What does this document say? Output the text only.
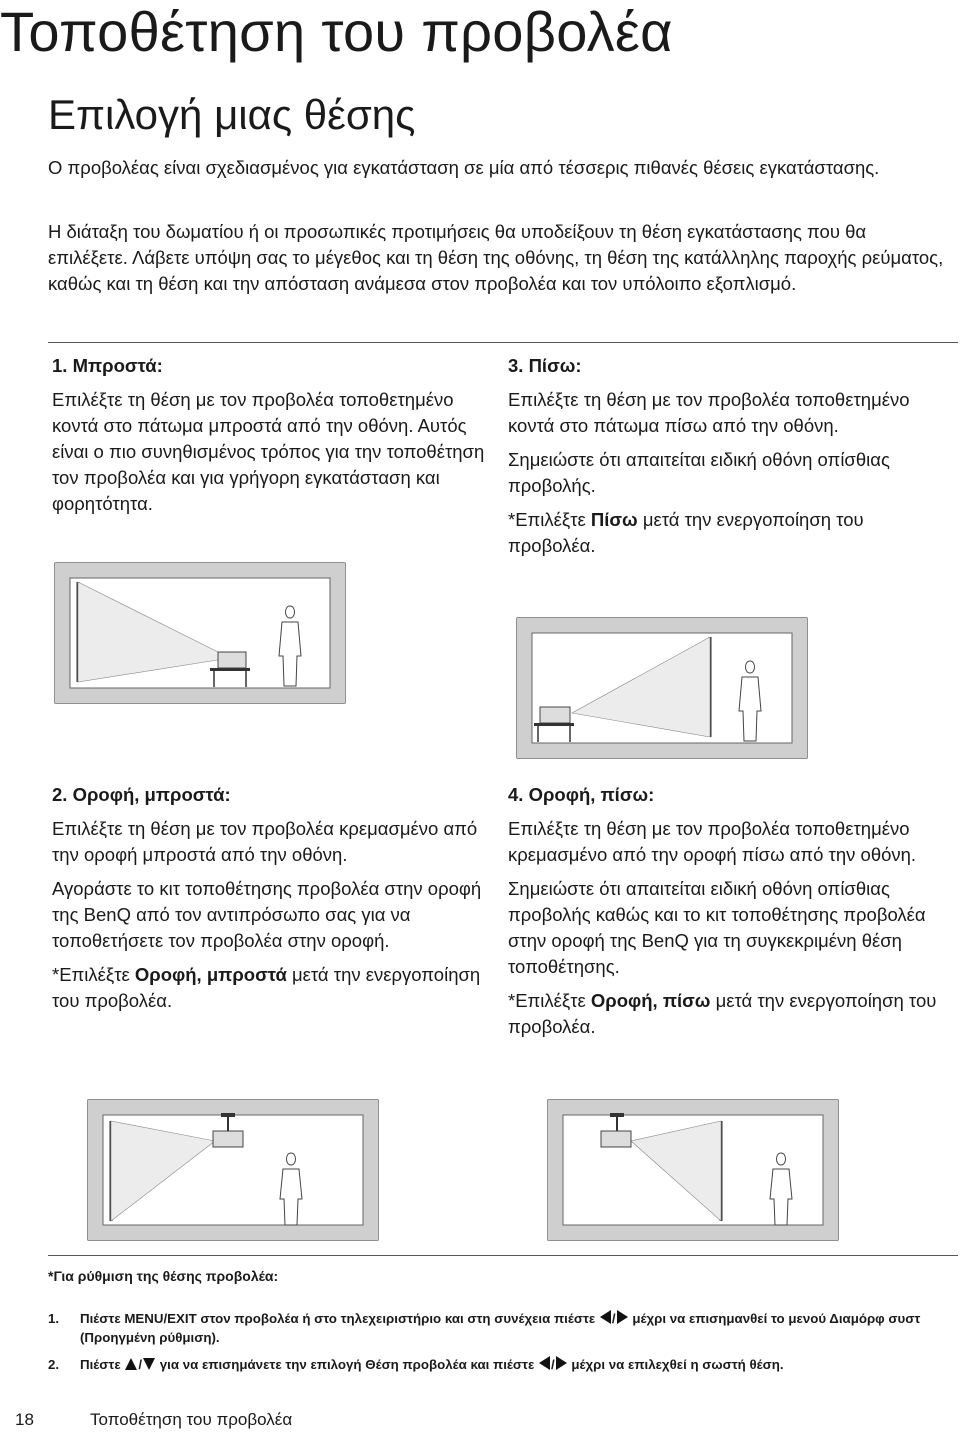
Τοποθέτηση του προβολέα
Επιλογή μιας θέσης
Ο προβολέας είναι σχεδιασμένος για εγκατάσταση σε μία από τέσσερις πιθανές θέσεις εγκατάστασης.
Η διάταξη του δωματίου ή οι προσωπικές προτιμήσεις θα υποδείξουν τη θέση εγκατάστασης που θα επιλέξετε. Λάβετε υπόψη σας το μέγεθος και τη θέση της οθόνης, τη θέση της κατάλληλης παροχής ρεύματος, καθώς και τη θέση και την απόσταση ανάμεσα στον προβολέα και τον υπόλοιπο εξοπλισμό.
1. Μπροστά:

Επιλέξτε τη θέση με τον προβολέα τοποθετημένο κοντά στο πάτωμα μπροστά από την οθόνη. Αυτός είναι ο πιο συνηθισμένος τρόπος για την τοποθέτηση τον προβολέα και για γρήγορη εγκατάσταση και φορητότητα.

3. Πίσω:

Επιλέξτε τη θέση με τον προβολέα τοποθετημένο κοντά στο πάτωμα πίσω από την οθόνη.

Σημειώστε ότι απαιτείται ειδική οθόνη οπίσθιας προβολής.

*Επιλέξτε Πίσω μετά την ενεργοποίηση του προβολέα.

2. Οροφή, μπροστά:

Επιλέξτε τη θέση με τον προβολέα κρεμασμένο από την οροφή μπροστά από την οθόνη.

Αγοράστε το κιτ τοποθέτησης προβολέα στην οροφή της BenQ από τον αντιπρόσωπο σας για να τοποθετήσετε τον προβολέα στην οροφή.

*Επιλέξτε Οροφή, μπροστά μετά την ενεργοποίηση του προβολέα.

4. Οροφή, πίσω:

Επιλέξτε τη θέση με τον προβολέα τοποθετημένο κρεμασμένο από την οροφή πίσω από την οθόνη.

Σημειώστε ότι απαιτείται ειδική οθόνη οπίσθιας προβολής καθώς και το κιτ τοποθέτησης προβολέα στην οροφή της BenQ για τη συγκεκριμένη θέση τοποθέτησης.

*Επιλέξτε Οροφή, πίσω μετά την ενεργοποίηση του προβολέα.

*Για ρύθμιση της θέσης προβολέα:
1. Πιέστε MENU/EXIT στον προβολέα ή στο τηλεχειριστήριο και στη συνέχεια πιέστε / μέχρι να επισημανθεί το μενού Διαμόρφ συστ (Προηγμένη ρύθμιση).
2. Πιέστε / για να επισημάνετε την επιλογή Θέση προβολέα και πιέστε / μέχρι να επιλεχθεί η σωστή θέση.
18	Τοποθέτηση του προβολέα
